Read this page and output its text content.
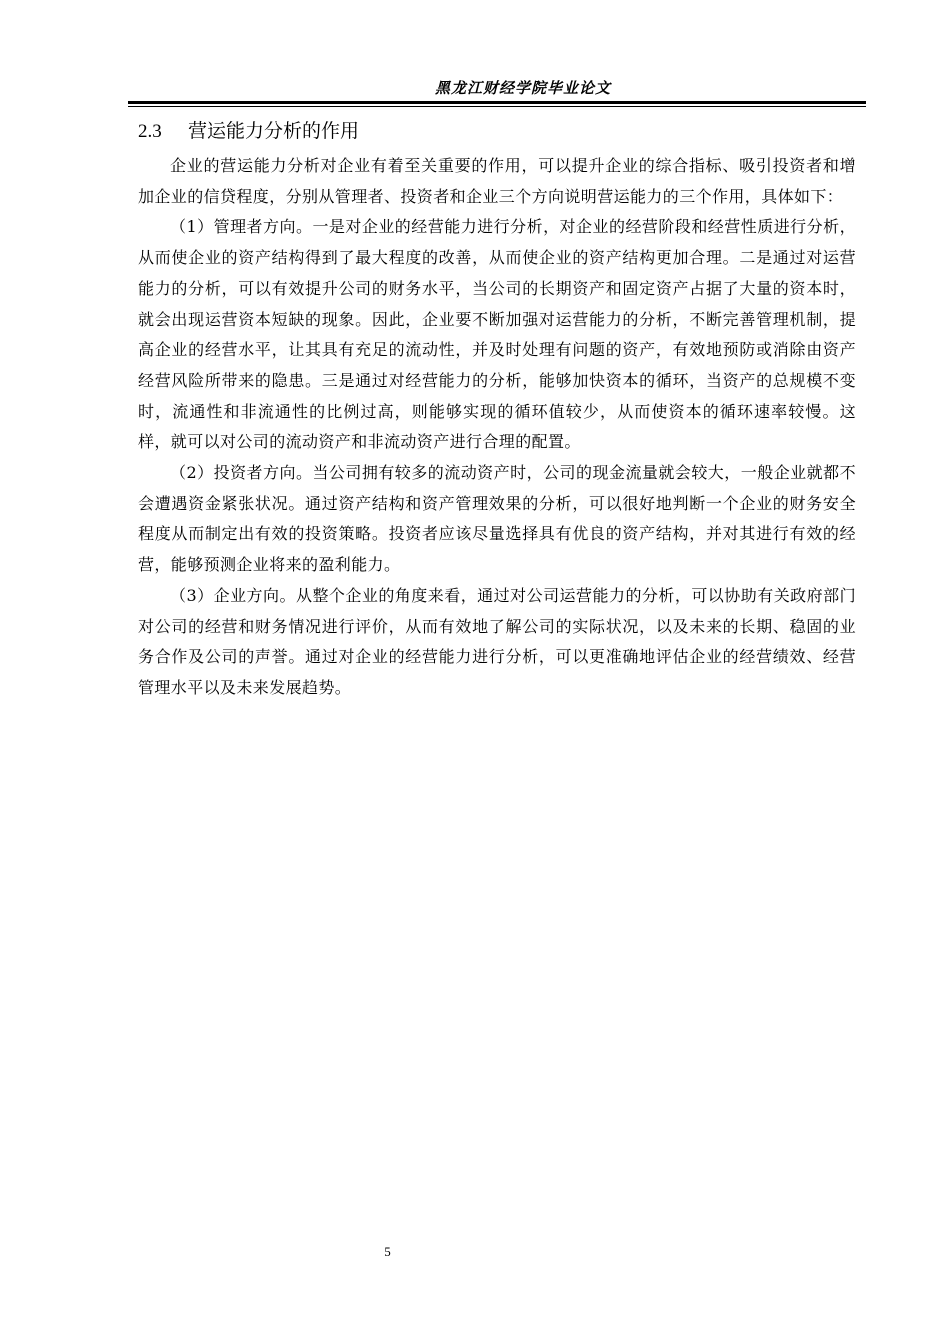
黑龙江财经学院毕业论文
2.3 营运能力分析的作用

企业的营运能力分析对企业有着至关重要的作用，可以提升企业的综合指标、吸引投资者和增加企业的信贷程度，分别从管理者、投资者和企业三个方向说明营运能力的三个作用，具体如下：

（1）管理者方向。一是对企业的经营能力进行分析，对企业的经营阶段和经营性质进行分析，从而使企业的资产结构得到了最大程度的改善，从而使企业的资产结构更加合理。二是通过对运营能力的分析，可以有效提升公司的财务水平，当公司的长期资产和固定资产占据了大量的资本时，就会出现运营资本短缺的现象。因此，企业要不断加强对运营能力的分析，不断完善管理机制，提高企业的经营水平，让其具有充足的流动性，并及时处理有问题的资产，有效地预防或消除由资产经营风险所带来的隐患。三是通过对经营能力的分析，能够加快资本的循环，当资产的总规模不变时，流通性和非流通性的比例过高，则能够实现的循环值较少，从而使资本的循环速率较慢。这样，就可以对公司的流动资产和非流动资产进行合理的配置。

（2）投资者方向。当公司拥有较多的流动资产时，公司的现金流量就会较大，一般企业就都不会遭遇资金紧张状况。通过资产结构和资产管理效果的分析，可以很好地判断一个企业的财务安全程度从而制定出有效的投资策略。投资者应该尽量选择具有优良的资产结构，并对其进行有效的经营，能够预测企业将来的盈利能力。

（3）企业方向。从整个企业的角度来看，通过对公司运营能力的分析，可以协助有关政府部门对公司的经营和财务情况进行评价，从而有效地了解公司的实际状况，以及未来的长期、稳固的业务合作及公司的声誉。通过对企业的经营能力进行分析，可以更准确地评估企业的经营绩效、经营管理水平以及未来发展趋势。

5
